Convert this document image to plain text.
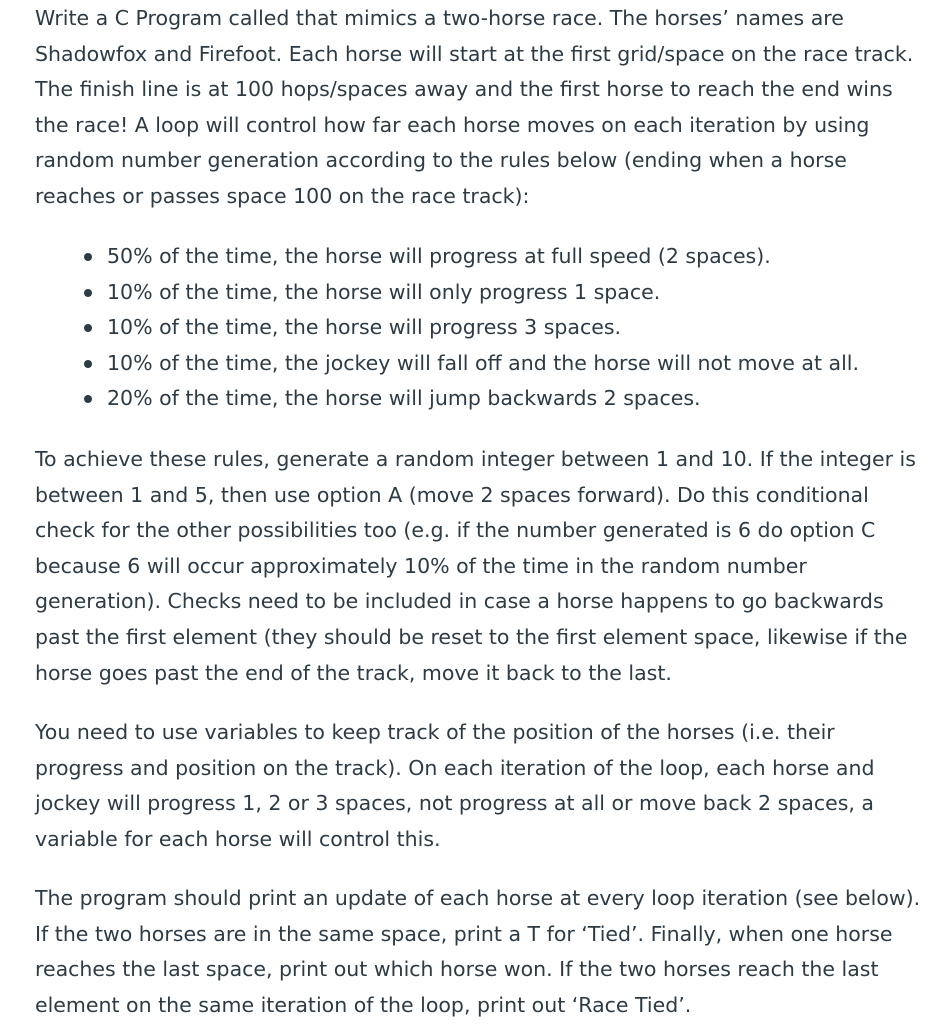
Write a C Program called that mimics a two-horse race. The horses’ names are Shadowfox and Firefoot. Each horse will start at the first grid/space on the race track. The finish line is at 100 hops/spaces away and the first horse to reach the end wins the race! A loop will control how far each horse moves on each iteration by using random number generation according to the rules below (ending when a horse reaches or passes space 100 on the race track):

50% of the time, the horse will progress at full speed (2 spaces).
10% of the time, the horse will only progress 1 space.
10% of the time, the horse will progress 3 spaces.
10% of the time, the jockey will fall off and the horse will not move at all.
20% of the time, the horse will jump backwards 2 spaces.

To achieve these rules, generate a random integer between 1 and 10. If the integer is between 1 and 5, then use option A (move 2 spaces forward). Do this conditional check for the other possibilities too (e.g. if the number generated is 6 do option C because 6 will occur approximately 10% of the time in the random number generation). Checks need to be included in case a horse happens to go backwards past the first element (they should be reset to the first element space, likewise if the horse goes past the end of the track, move it back to the last.

You need to use variables to keep track of the position of the horses (i.e. their progress and position on the track). On each iteration of the loop, each horse and jockey will progress 1, 2 or 3 spaces, not progress at all or move back 2 spaces, a variable for each horse will control this.

The program should print an update of each horse at every loop iteration (see below). If the two horses are in the same space, print a T for ‘Tied’. Finally, when one horse reaches the last space, print out which horse won. If the two horses reach the last element on the same iteration of the loop, print out ‘Race Tied’.
